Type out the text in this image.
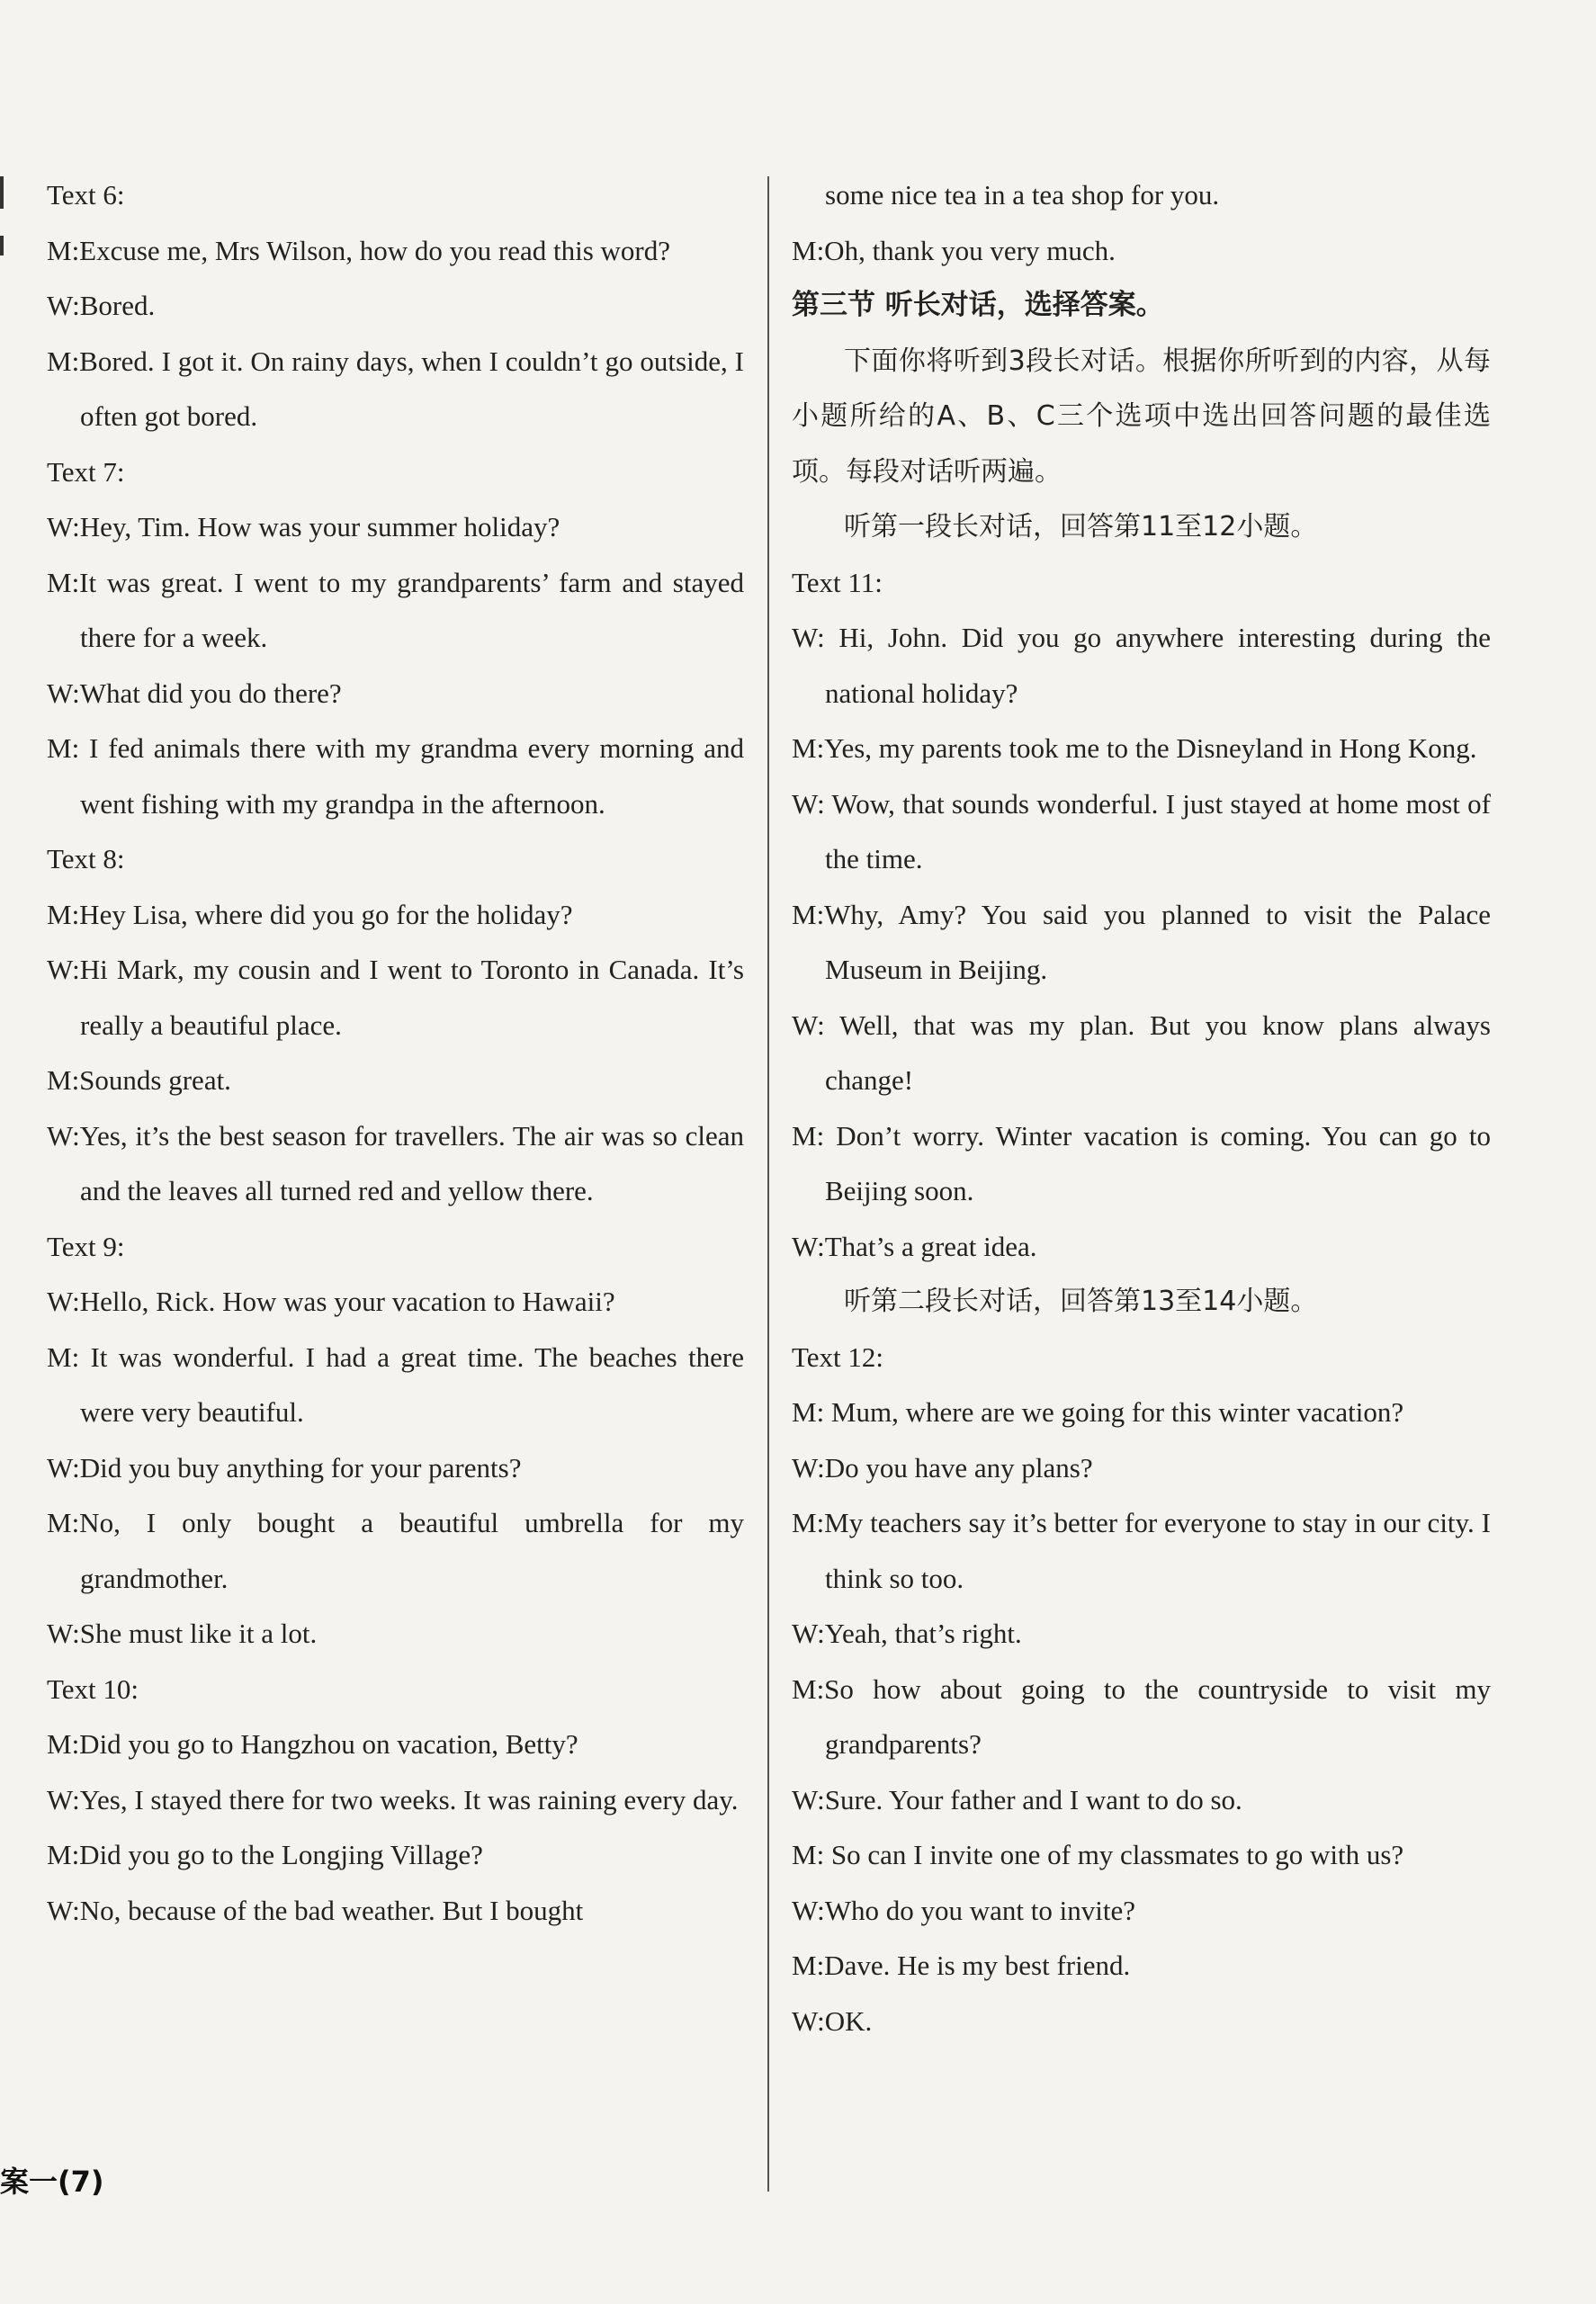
Text 6:
M:Excuse me, Mrs Wilson, how do you read this word?
W:Bored.
M:Bored. I got it. On rainy days, when I couldn’t go outside, I often got bored.
Text 7:
W:Hey, Tim. How was your summer holiday?
M:It was great. I went to my grandparents’ farm and stayed there for a week.
W:What did you do there?
M: I fed animals there with my grandma every morning and went fishing with my grandpa in the afternoon.
Text 8:
M:Hey Lisa, where did you go for the holiday?
W:Hi Mark, my cousin and I went to Toronto in Canada. It’s really a beautiful place.
M:Sounds great.
W:Yes, it’s the best season for travellers. The air was so clean and the leaves all turned red and yellow there.
Text 9:
W:Hello, Rick. How was your vacation to Hawaii?
M: It was wonderful. I had a great time. The beaches there were very beautiful.
W:Did you buy anything for your parents?
M:No, I only bought a beautiful umbrella for my grandmother.
W:She must like it a lot.
Text 10:
M:Did you go to Hangzhou on vacation, Betty?
W:Yes, I stayed there for two weeks. It was raining every day.
M:Did you go to the Longjing Village?
W:No, because of the bad weather. But I bought
some nice tea in a tea shop for you.
M:Oh, thank you very much.
第三节 听长对话，选择答案。
下面你将听到3段长对话。根据你所听到的内容，从每小题所给的A、B、C三个选项中选出回答问题的最佳选项。每段对话听两遍。
听第一段长对话，回答第11至12小题。
Text 11:
W: Hi, John. Did you go anywhere interesting during the national holiday?
M:Yes, my parents took me to the Disneyland in Hong Kong.
W: Wow, that sounds wonderful. I just stayed at home most of the time.
M:Why, Amy? You said you planned to visit the Palace Museum in Beijing.
W: Well, that was my plan. But you know plans always change!
M: Don’t worry. Winter vacation is coming. You can go to Beijing soon.
W:That’s a great idea.
听第二段长对话，回答第13至14小题。
Text 12:
M: Mum, where are we going for this winter vacation?
W:Do you have any plans?
M:My teachers say it’s better for everyone to stay in our city. I think so too.
W:Yeah, that’s right.
M:So how about going to the countryside to visit my grandparents?
W:Sure. Your father and I want to do so.
M: So can I invite one of my classmates to go with us?
W:Who do you want to invite?
M:Dave. He is my best friend.
W:OK.
案一(7)
